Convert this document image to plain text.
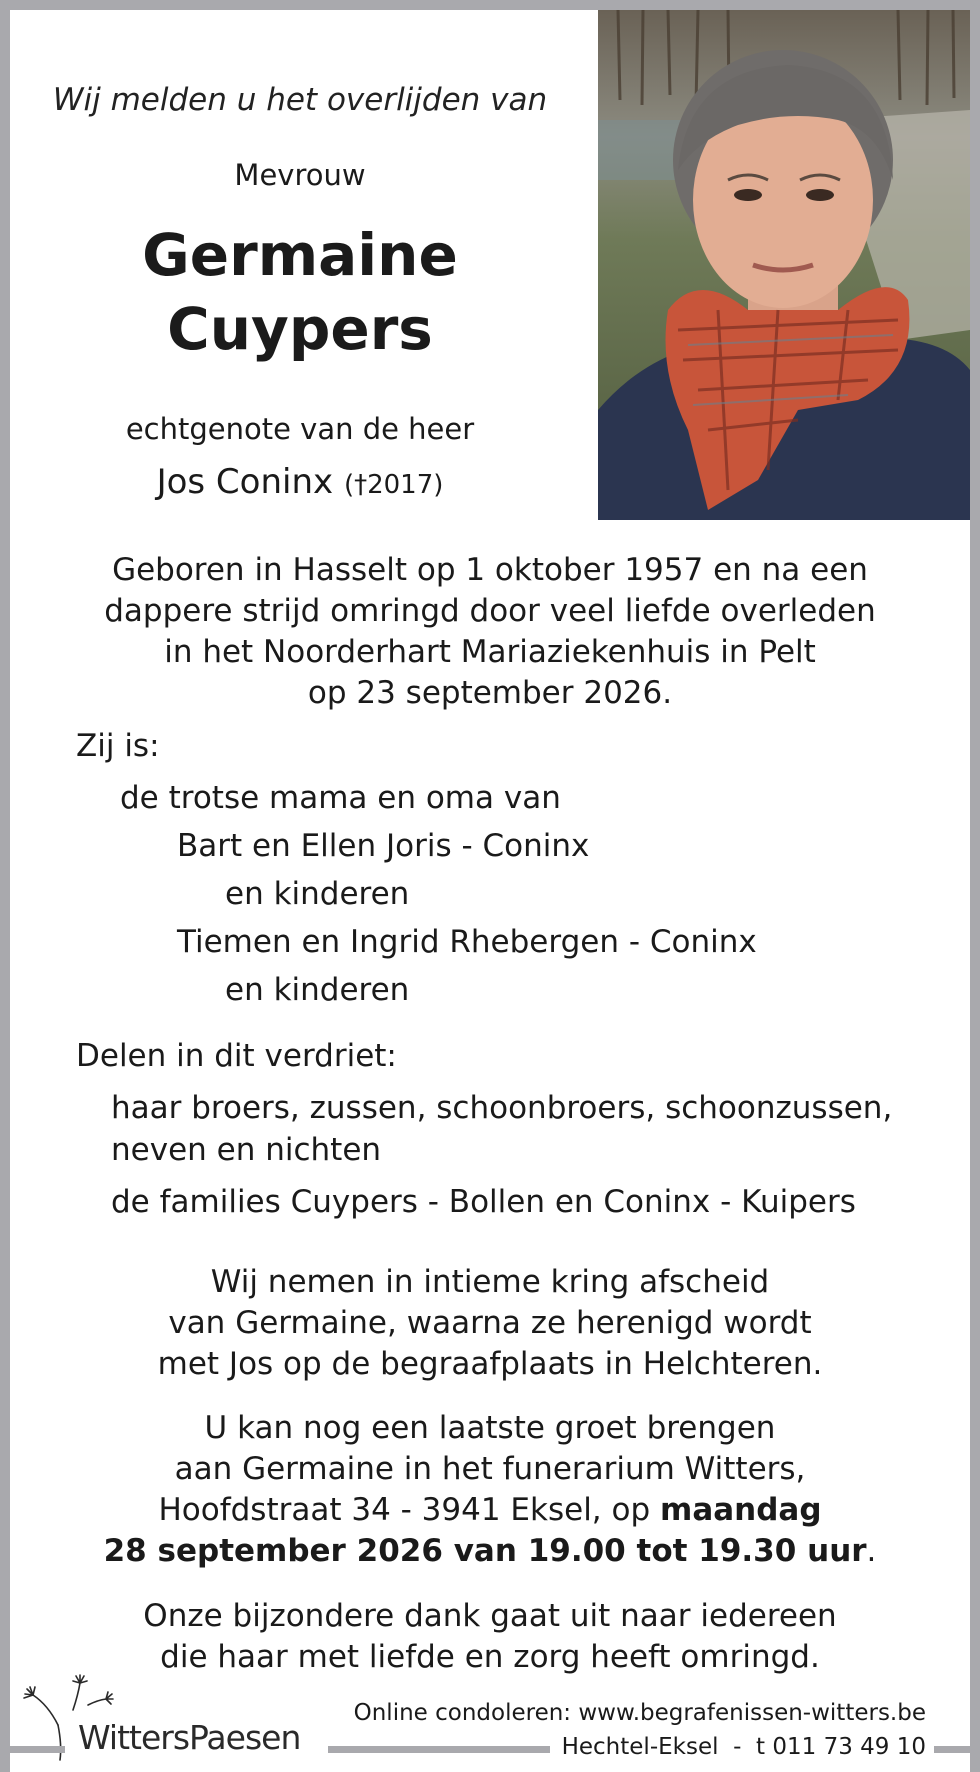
Wij melden u het overlijden van
Mevrouw
Germaine
Cuypers
echtgenote van de heer
Jos Coninx (†2017)
Geboren in Hasselt op 1 oktober 1957 en na een
dappere strijd omringd door veel liefde overleden
in het Noorderhart Mariaziekenhuis in Pelt
op 23 september 2026.
Zij is:
de trotse mama en oma van
Bart en Ellen Joris - Coninx
en kinderen
Tiemen en Ingrid Rhebergen - Coninx
en kinderen
Delen in dit verdriet:
haar broers, zussen, schoonbroers, schoonzussen,
neven en nichten
de families Cuypers - Bollen en Coninx - Kuipers
Wij nemen in intieme kring afscheid
van Germaine, waarna ze herenigd wordt
met Jos op de begraafplaats in Helchteren.
U kan nog een laatste groet brengen
aan Germaine in het funerarium Witters,
Hoofdstraat 34 - 3941 Eksel, op maandag
28 september 2026 van 19.00 tot 19.30 uur.
Onze bijzondere dank gaat uit naar iedereen
die haar met liefde en zorg heeft omringd.
WittersPaesen
Online condoleren: www.begrafenissen-witters.be
Hechtel-Eksel  -  t 011 73 49 10
